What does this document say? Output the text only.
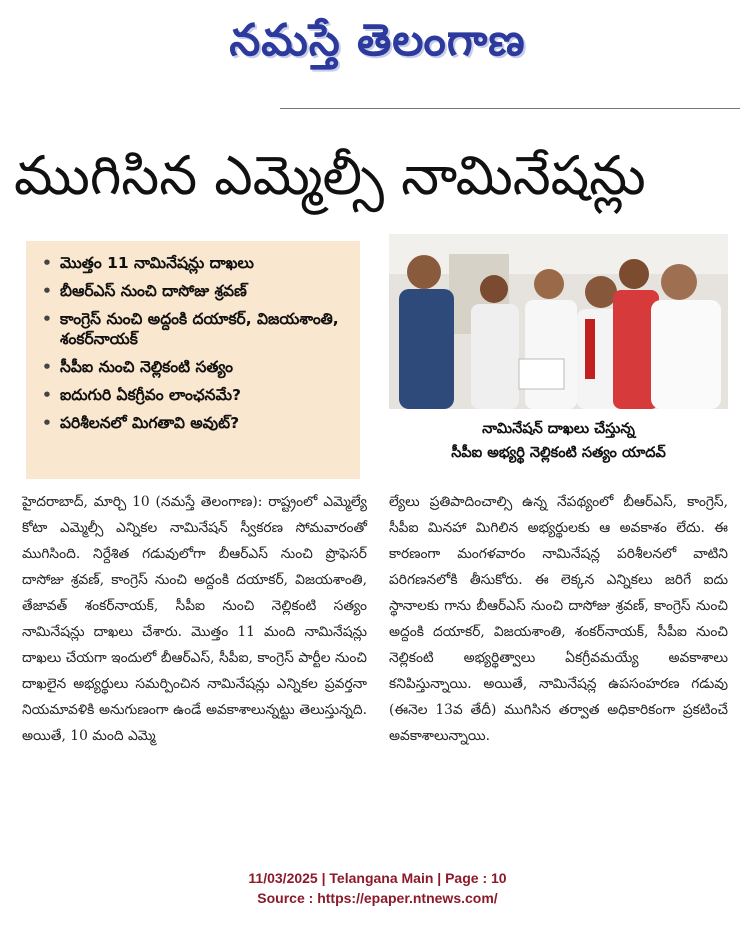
నమస్తే తెలంగాణ
ముగిసిన ఎమ్మెల్సీ నామినేషన్లు
• మొత్తం 11 నామినేషన్లు దాఖలు
• బీఆర్‌ఎస్ నుంచి దాసోజు శ్రవణ్
• కాంగ్రెస్ నుంచి అద్దంకి దయాకర్, విజయశాంతి, శంకర్‌నాయక్
• సీపీఐ నుంచి నెల్లికంటి సత్యం
• ఐదుగురి ఏకగ్రీవం లాంఛనమే?
• పరిశీలనలో మిగతావి అవుట్?	నామినేషన్ దాఖలు చేస్తున్న
సీపీఐ అభ్యర్థి నెల్లికంటి సత్యం యాదవ్

హైదరాబాద్, మార్చి 10 (నమస్తే తెలంగాణ): రాష్ట్రంలో ఎమ్మెల్యే కోటా ఎమ్మెల్సీ ఎన్నికల నామినేషన్ స్వీకరణ సోమవారంతో ముగిసింది. నిర్దేశిత గడువులోగా బీఆర్‌ఎస్ నుంచి ప్రొఫెసర్ దాసోజు శ్రవణ్, కాంగ్రెస్ నుంచి అద్దంకి దయాకర్, విజయశాంతి, తేజావత్ శంకర్‌నాయక్, సీపీఐ నుంచి నెల్లికంటి సత్యం నామినేషన్లు దాఖలు చేశారు. మొత్తం 11 మంది నామినేషన్లు దాఖలు చేయగా ఇందులో బీఆర్‌ఎస్, సీపీఐ, కాంగ్రెస్ పార్టీల నుంచి దాఖలైన అభ్యర్థులు సమర్పించిన నామినేషన్లు ఎన్నికల ప్రవర్తనా నియమావళికి అనుగుణంగా ఉండే అవకాశాలున్నట్టు తెలుస్తున్నది. అయితే, 10 మంది ఎమ్మె

ల్యేలు ప్రతిపాదించాల్సి ఉన్న నేపథ్యంలో బీఆర్‌ఎస్, కాంగ్రెస్, సీపీఐ మినహా మిగిలిన అభ్యర్థులకు ఆ అవకాశం లేదు. ఈ కారణంగా మంగళవారం నామినేషన్ల పరిశీలనలో వాటిని పరిగణనలోకి తీసుకోరు. ఈ లెక్కన ఎన్నికలు జరిగే ఐదు స్థానాలకు గాను బీఆర్‌ఎస్ నుంచి దాసోజు శ్రవణ్, కాంగ్రెస్ నుంచి అద్దంకి దయాకర్, విజయశాంతి, శంకర్‌నాయక్, సీపీఐ నుంచి నెల్లికంటి అభ్యర్థిత్వాలు ఏకగ్రీవమయ్యే అవకాశాలు కనిపిస్తున్నాయి. అయితే, నామినేషన్ల ఉపసంహరణ గడువు (ఈనెల 13వ తేదీ) ముగిసిన తర్వాత అధికారికంగా ప్రకటించే అవకాశాలున్నాయి.

11/03/2025 | Telangana Main | Page : 10
Source : https://epaper.ntnews.com/
